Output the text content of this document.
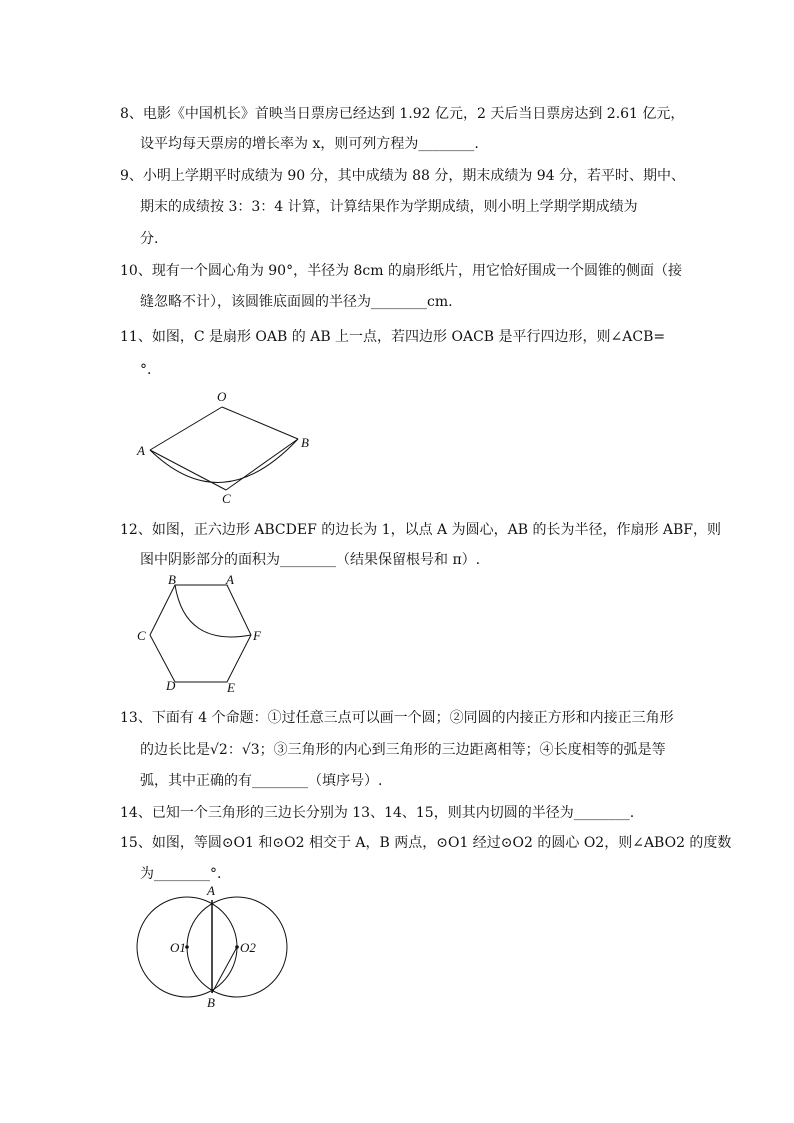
8、电影《中国机长》首映当日票房已经达到 1.92 亿元，2 天后当日票房达到 2.61 亿元，
设平均每天票房的增长率为 x，则可列方程为________.
9、小明上学期平时成绩为 90 分，其中成绩为 88 分，期末成绩为 94 分，若平时、期中、
期末的成绩按 3：3：4 计算，计算结果作为学期成绩，则小明上学期学期成绩为
分.
10、现有一个圆心角为 90°，半径为 8cm 的扇形纸片，用它恰好围成一个圆锥的侧面（接
缝忽略不计），该圆锥底面圆的半径为________cm.
11、如图，C 是扇形 OAB 的 AB 上一点，若四边形 OACB 是平行四边形，则∠ACB=
°.
O
A
B
C
12、如图，正六边形 ABCDEF 的边长为 1，以点 A 为圆心，AB 的长为半径，作扇形 ABF，则
图中阴影部分的面积为________（结果保留根号和 π）.
B	A
C	F
D	E
13、下面有 4 个命题：①过任意三点可以画一个圆；②同圆的内接正方形和内接正三角形
的边长比是√2：√3；③三角形的内心到三角形的三边距离相等；④长度相等的弧是等
弧，其中正确的有________（填序号）.
14、已知一个三角形的三边长分别为 13、14、15，则其内切圆的半径为________.
15、如图，等圆⊙O1 和⊙O2 相交于 A，B 两点，⊙O1 经过⊙O2 的圆心 O2，则∠ABO2 的度数
为________°.
A
B
O1	O2
